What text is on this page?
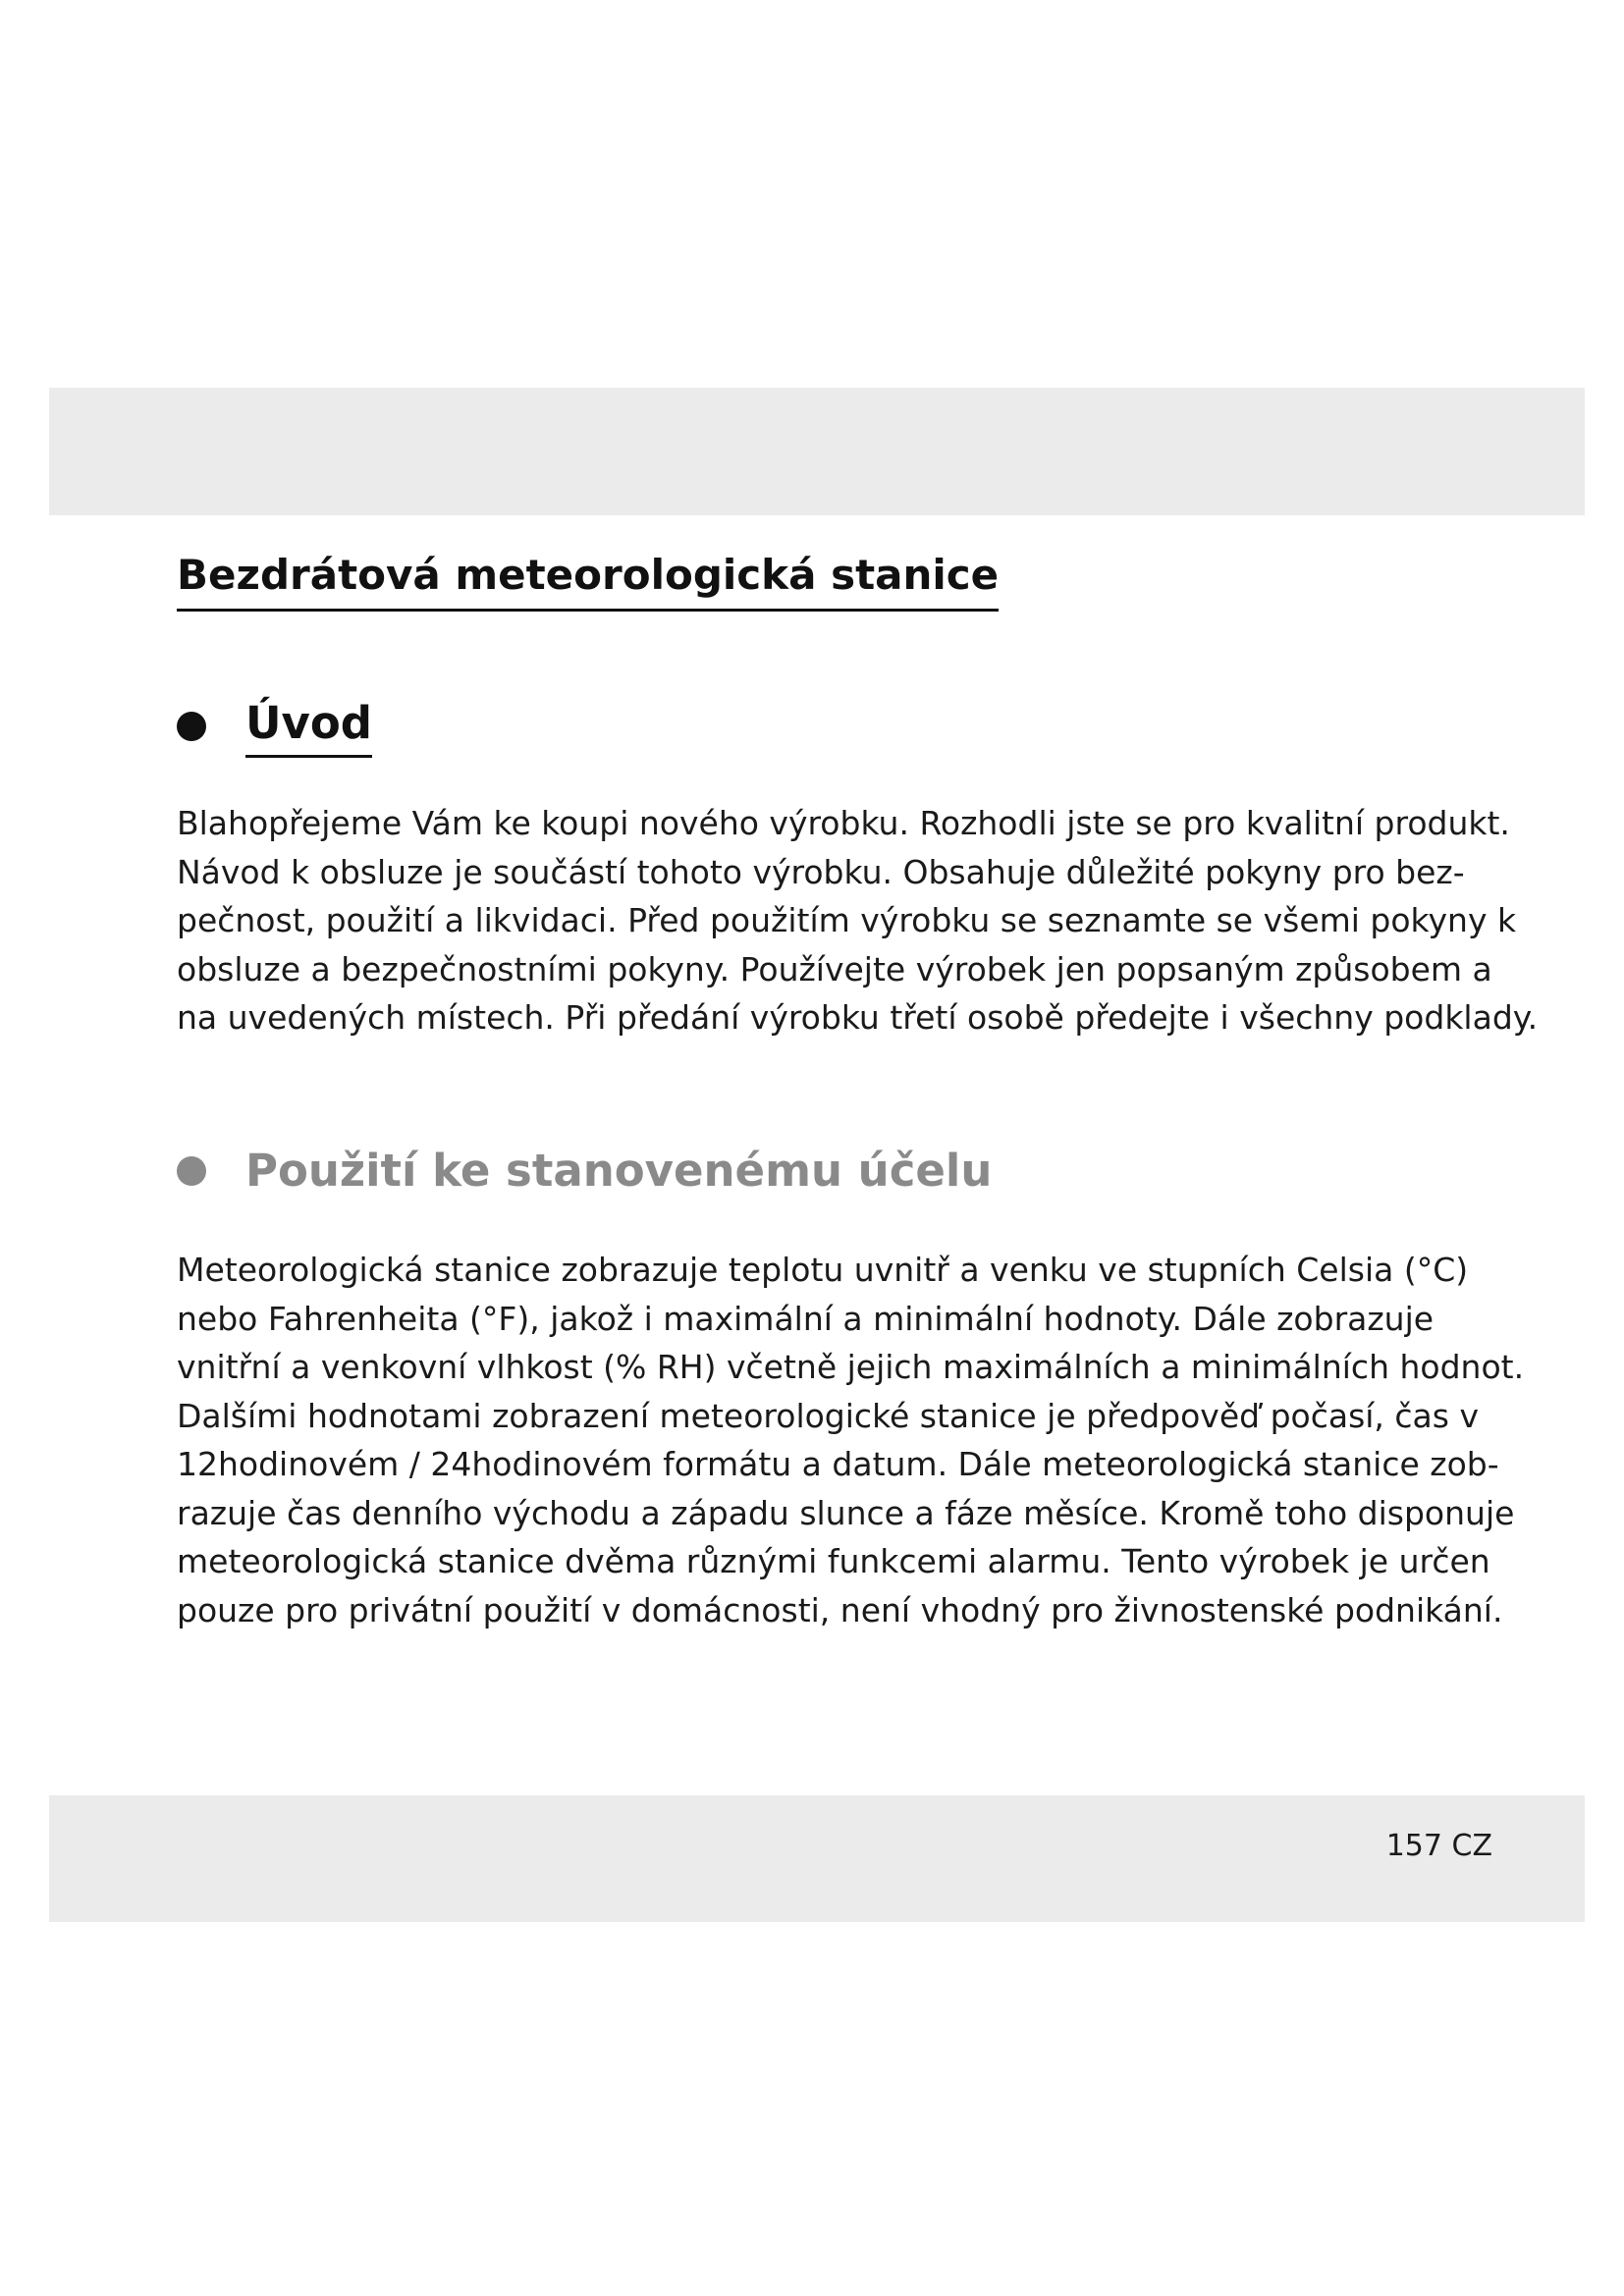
Bezdrátová meteorologická stanice
Úvod

Blahopřejeme Vám ke koupi nového výrobku. Rozhodli jste se pro kvalitní produkt.
Návod k obsluze je součástí tohoto výrobku. Obsahuje důležité pokyny pro bez-
pečnost, použití a likvidaci. Před použitím výrobku se seznamte se všemi pokyny k
obsluze a bezpečnostními pokyny. Používejte výrobek jen popsaným způsobem a
na uvedených místech. Při předání výrobku třetí osobě předejte i všechny podklady.

Použití ke stanovenému účelu

Meteorologická stanice zobrazuje teplotu uvnitř a venku ve stupních Celsia (°C)
nebo Fahrenheita (°F), jakož i maximální a minimální hodnoty. Dále zobrazuje
vnitřní a venkovní vlhkost (% RH) včetně jejich maximálních a minimálních hodnot.
Dalšími hodnotami zobrazení meteorologické stanice je předpověď počasí, čas v
12hodinovém / 24hodinovém formátu a datum. Dále meteorologická stanice zob-
razuje čas denního východu a západu slunce a fáze měsíce. Kromě toho disponuje
meteorologická stanice dvěma různými funkcemi alarmu. Tento výrobek je určen
pouze pro privátní použití v domácnosti, není vhodný pro živnostenské podnikání.

157 CZ
